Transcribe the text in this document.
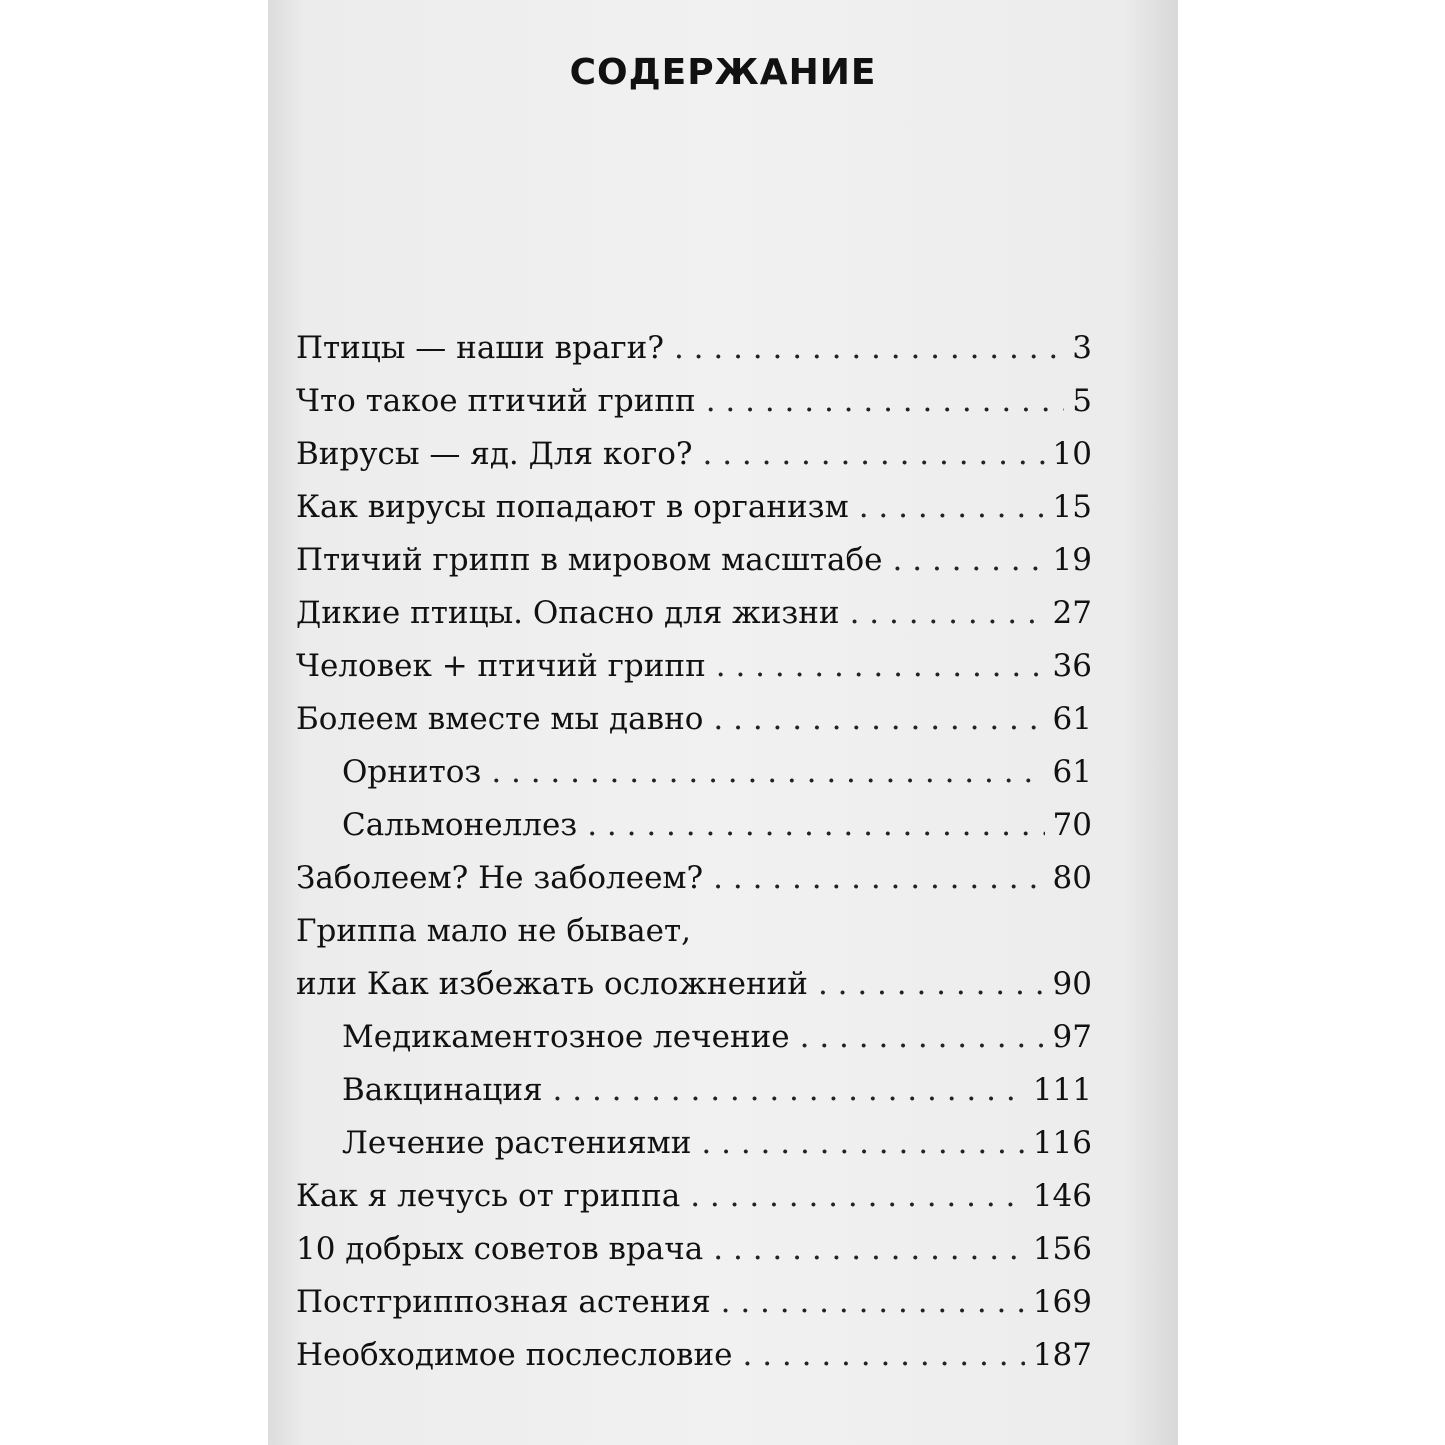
СОДЕРЖАНИЕ
Птицы — наши враги? . . .	3
Что такое птичий грипп . . .	5
Вирусы — яд. Для кого? . . .	10
Как вирусы попадают в организм . . .	15
Птичий грипп в мировом масштабе . . .	19
Дикие птицы. Опасно для жизни . . .	27
Человек + птичий грипп . . .	36
Болеем вместе мы давно . . .	61
Орнитоз . . .	61
Сальмонеллез . . .	70
Заболеем? Не заболеем? . . .	80
Гриппа мало не бывает,
или Как избежать осложнений . . .	90
Медикаментозное лечение . . .	97
Вакцинация . . .	111
Лечение растениями . . .	116
Как я лечусь от гриппа . . .	146
10 добрых советов врача . . .	156
Постгриппозная астения . . .	169
Необходимое послесловие . . .	187
